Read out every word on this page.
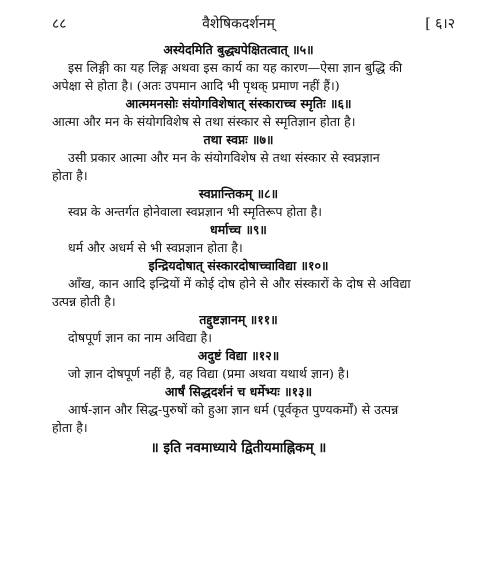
८८	वैशेषिकदर्शनम्	[ ६।२
अस्येदमिति बुद्ध्यपेक्षितत्वात् ॥५॥
इस लिङ्गी का यह लिङ्ग अथवा इस कार्य का यह कारण—ऐसा ज्ञान बुद्धि की
अपेक्षा से होता है। (अतः उपमान आदि भी पृथक् प्रमाण नहीं हैं।)
आत्ममनसोः संयोगविशेषात् संस्काराच्च स्मृतिः ॥६॥
आत्मा और मन के संयोगविशेष से तथा संस्कार से स्मृतिज्ञान होता है।
तथा स्वप्नः ॥७॥
उसी प्रकार आत्मा और मन के संयोगविशेष से तथा संस्कार से स्वप्नज्ञान
होता है।
स्वप्नान्तिकम् ॥८॥
स्वप्न के अन्तर्गत होनेवाला स्वप्नज्ञान भी स्मृतिरूप होता है।
धर्माच्च ॥९॥
धर्म और अधर्म से भी स्वप्नज्ञान होता है।
इन्द्रियदोषात् संस्कारदोषाच्चाविद्या ॥१०॥
आँख, कान आदि इन्द्रियों में कोई दोष होने से और संस्कारों के दोष से अविद्या
उत्पन्न होती है।
तद्दुष्टज्ञानम् ॥११॥
दोषपूर्ण ज्ञान का नाम अविद्या है।
अदुष्टं विद्या ॥१२॥
जो ज्ञान दोषपूर्ण नहीं है, वह विद्या (प्रमा अथवा यथार्थ ज्ञान) है।
आर्षं सिद्धदर्शनं च धर्मेभ्यः ॥१३॥
आर्ष-ज्ञान और सिद्ध-पुरुषों को हुआ ज्ञान धर्म (पूर्वकृत पुण्यकर्मों) से उत्पन्न
होता है।
॥ इति नवमाध्याये द्वितीयमाह्निकम् ॥
